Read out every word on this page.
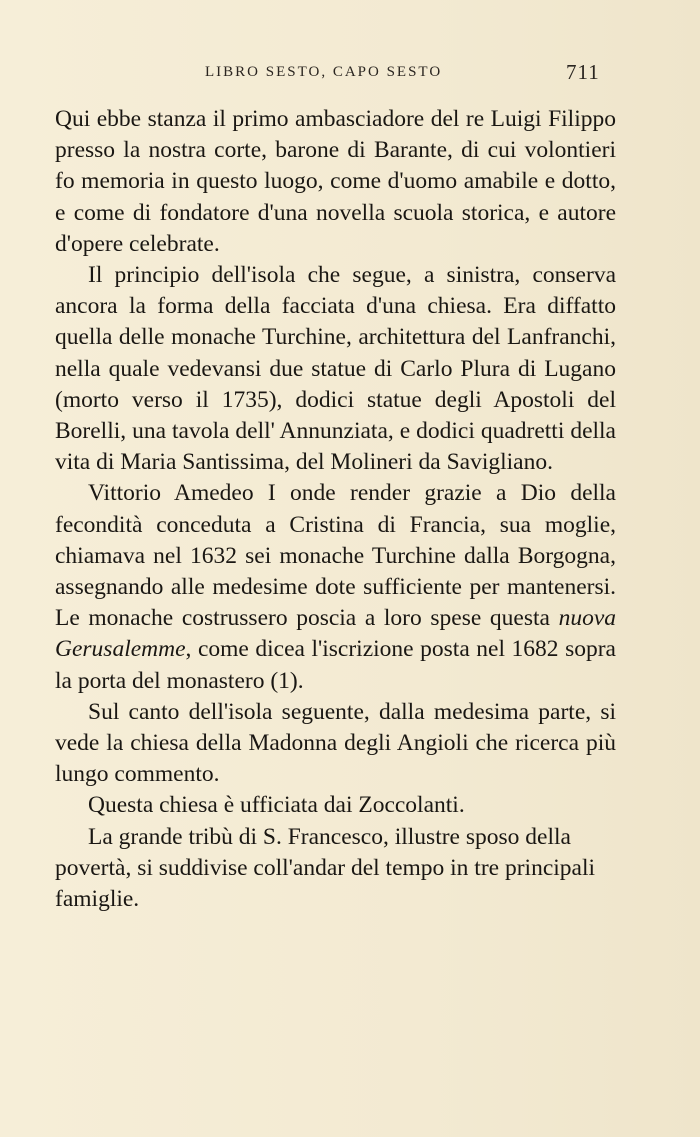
LIBRO SESTO, CAPO SESTO	711

Qui ebbe stanza il primo ambasciadore del re Luigi Filippo presso la nostra corte, barone di Barante, di cui volontieri fo memoria in questo luogo, come d'uomo amabile e dotto, e come di fondatore d'una novella scuola storica, e autore d'opere celebrate.

Il principio dell'isola che segue, a sinistra, conserva ancora la forma della facciata d'una chiesa. Era diffatto quella delle monache Turchine, architettura del Lanfranchi, nella quale vedevansi due statue di Carlo Plura di Lugano (morto verso il 1735), dodici statue degli Apostoli del Borelli, una tavola dell' Annunziata, e dodici quadretti della vita di Maria Santissima, del Molineri da Savigliano.

Vittorio Amedeo I onde render grazie a Dio della fecondità conceduta a Cristina di Francia, sua moglie, chiamava nel 1632 sei monache Turchine dalla Borgogna, assegnando alle medesime dote sufficiente per mantenersi. Le monache costrussero poscia a loro spese questa nuova Gerusalemme, come dicea l'iscrizione posta nel 1682 sopra la porta del monastero (1).

Sul canto dell'isola seguente, dalla medesima parte, si vede la chiesa della Madonna degli Angioli che ricerca più lungo commento.

Questa chiesa è ufficiata dai Zoccolanti.

La grande tribù di S. Francesco, illustre sposo della povertà, si suddivise coll'andar del tempo in tre principali famiglie.
